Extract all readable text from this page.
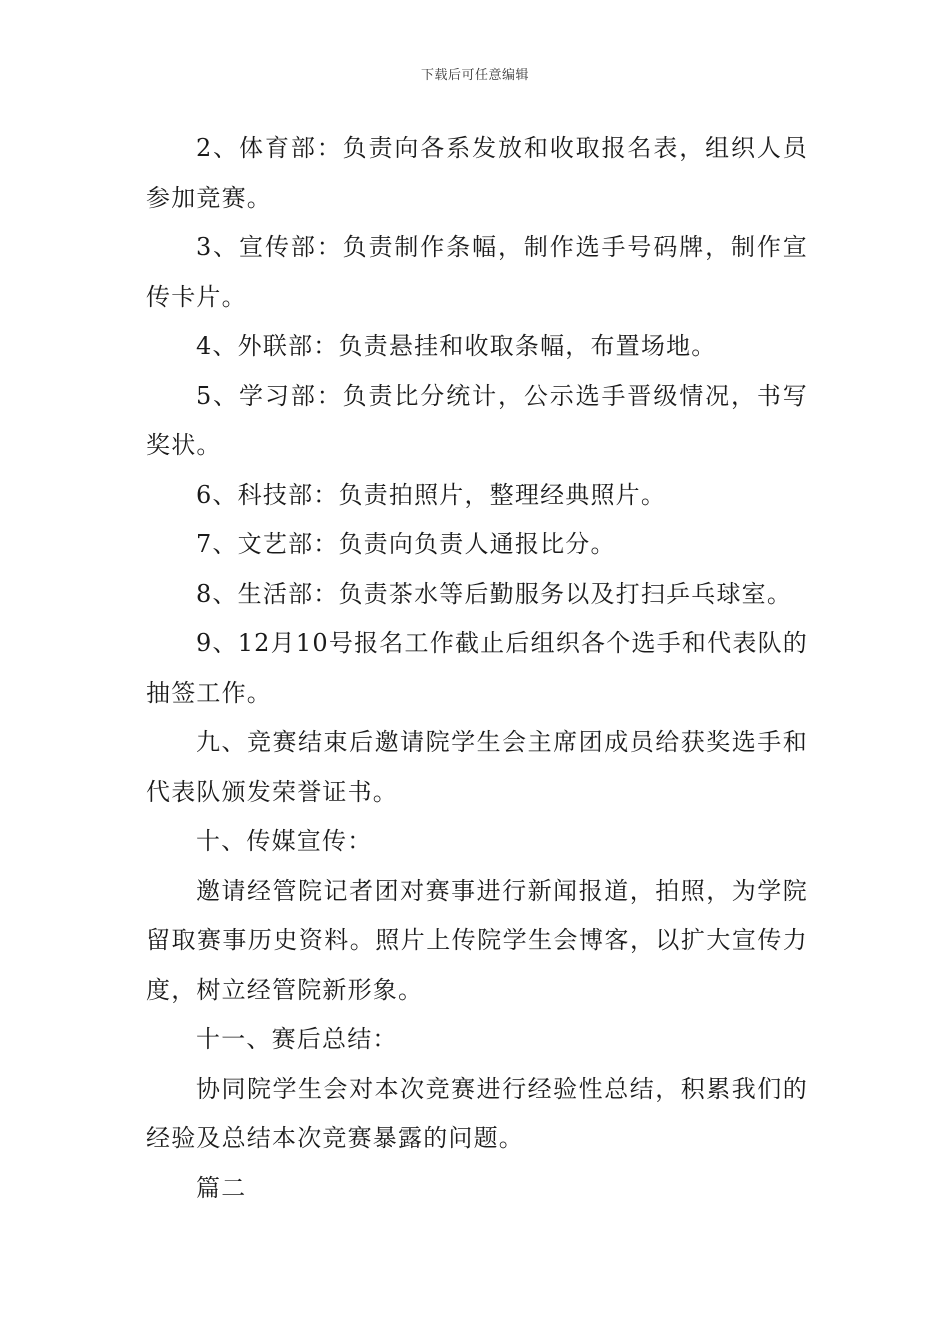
下载后可任意编辑

2、体育部：负责向各系发放和收取报名表，组织人员参加竞赛。

3、宣传部：负责制作条幅，制作选手号码牌，制作宣传卡片。

4、外联部：负责悬挂和收取条幅，布置场地。

5、学习部：负责比分统计，公示选手晋级情况，书写奖状。

6、科技部：负责拍照片，整理经典照片。

7、文艺部：负责向负责人通报比分。

8、生活部：负责茶水等后勤服务以及打扫乒乓球室。

9、12月10号报名工作截止后组织各个选手和代表队的抽签工作。

九、竞赛结束后邀请院学生会主席团成员给获奖选手和代表队颁发荣誉证书。

十、传媒宣传：

邀请经管院记者团对赛事进行新闻报道，拍照，为学院留取赛事历史资料。照片上传院学生会博客，以扩大宣传力度，树立经管院新形象。

十一、赛后总结：

协同院学生会对本次竞赛进行经验性总结，积累我们的经验及总结本次竞赛暴露的问题。

篇二
